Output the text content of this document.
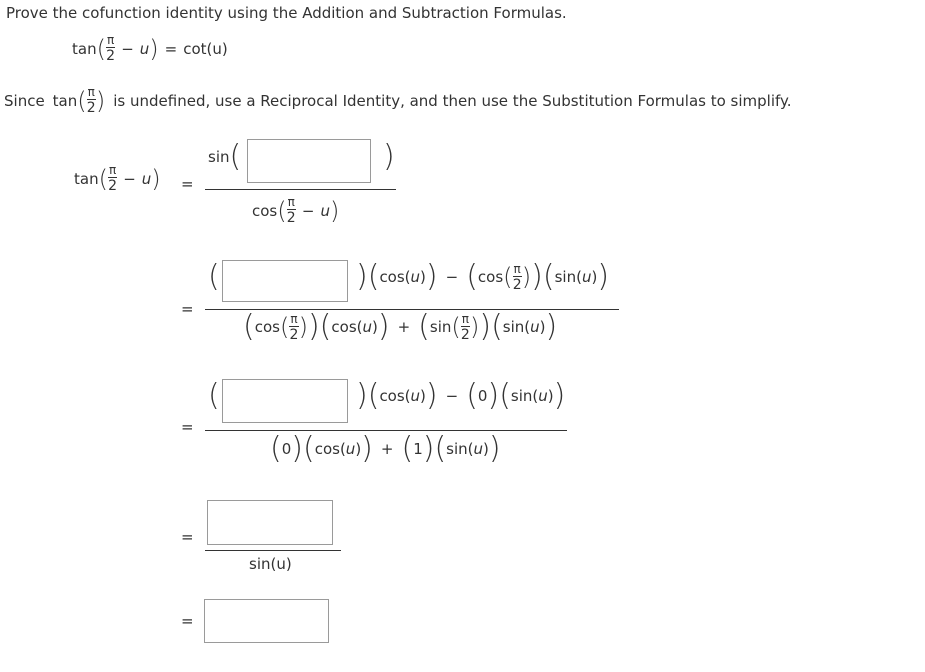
Prove the cofunction identity using the Addition and Subtraction Formulas.
tan ( $\frac{\pi}{2} - u$ ) = cot(u)
Since tan ( $\frac{\pi}{2}$ ) is undefined, use a Reciprocal Identity, and then use the Substitution Formulas to simplify.
tan ( $\frac{\pi}{2} - u$ ) =
sin (	)
cos ( $\frac{\pi}{2} - u$ )
=
(	) ( cos(u) ) − ( cos ( $\frac{\pi}{2}$ ) ) ( sin(u) )
( cos ( $\frac{\pi}{2}$ ) ) ( cos(u) ) + ( sin ( $\frac{\pi}{2}$ ) ) ( sin(u) )
=
(	) ( cos(u) ) − ( 0 ) ( sin(u) )
( 0 ) ( cos(u) ) + ( 1 ) ( sin(u) )
=
sin(u)
=
